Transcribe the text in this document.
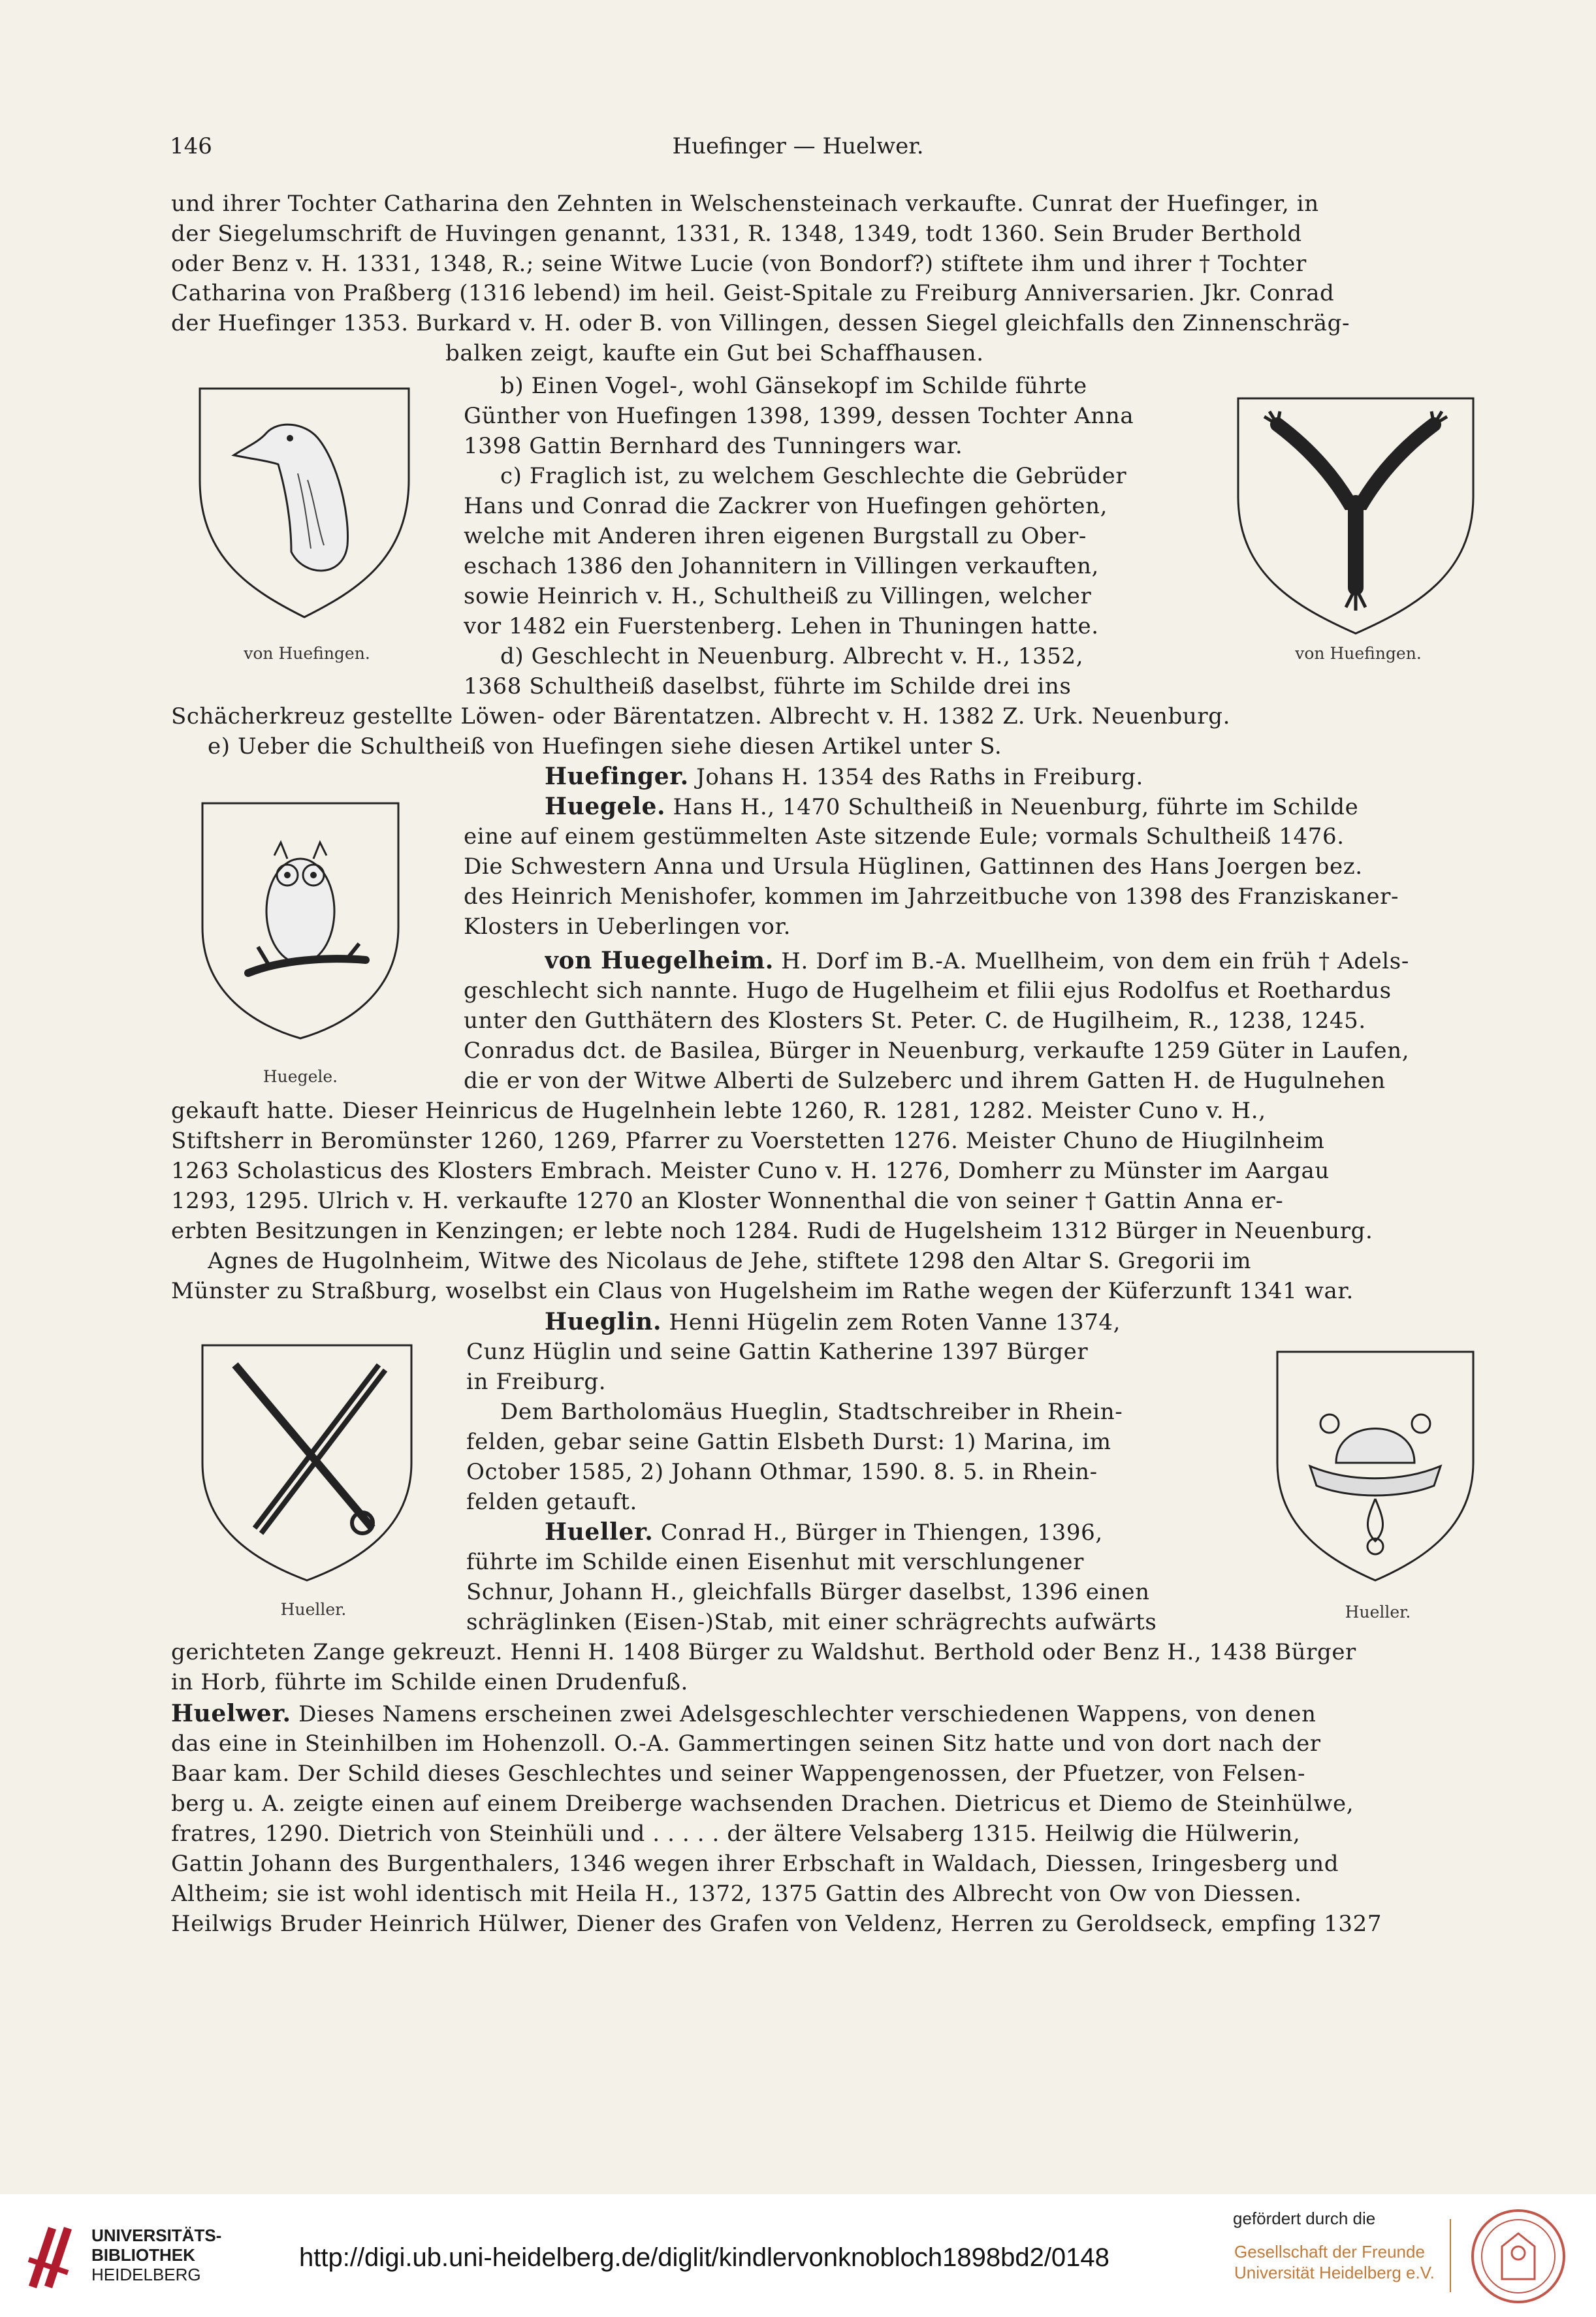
146	Huefinger — Huelwer.
und ihrer Tochter Catharina den Zehnten in Welschensteinach verkaufte. Cunrat der Huefinger, in
der Siegelumschrift de Huvingen genannt, 1331, R. 1348, 1349, todt 1360. Sein Bruder Berthold
oder Benz v. H. 1331, 1348, R.; seine Witwe Lucie (von Bondorf?) stiftete ihm und ihrer † Tochter
Catharina von Praßberg (1316 lebend) im heil. Geist-Spitale zu Freiburg Anniversarien. Jkr. Conrad
der Huefinger 1353. Burkard v. H. oder B. von Villingen, dessen Siegel gleichfalls den Zinnenschräg-
balken zeigt, kaufte ein Gut bei Schaffhausen.
b) Einen Vogel-, wohl Gänsekopf im Schilde führte
Günther von Huefingen 1398, 1399, dessen Tochter Anna
1398 Gattin Bernhard des Tunningers war.
c) Fraglich ist, zu welchem Geschlechte die Gebrüder
Hans und Conrad die Zackrer von Huefingen gehörten,
welche mit Anderen ihren eigenen Burgstall zu Ober-
eschach 1386 den Johannitern in Villingen verkauften,
sowie Heinrich v. H., Schultheiß zu Villingen, welcher
vor 1482 ein Fuerstenberg. Lehen in Thuningen hatte.
d) Geschlecht in Neuenburg. Albrecht v. H., 1352,
1368 Schultheiß daselbst, führte im Schilde drei ins
Schächerkreuz gestellte Löwen- oder Bärentatzen. Albrecht v. H. 1382 Z. Urk. Neuenburg.
e) Ueber die Schultheiß von Huefingen siehe diesen Artikel unter S.
Huefinger. Johans H. 1354 des Raths in Freiburg.
Huegele. Hans H., 1470 Schultheiß in Neuenburg, führte im Schilde
eine auf einem gestümmelten Aste sitzende Eule; vormals Schultheiß 1476.
Die Schwestern Anna und Ursula Hüglinen, Gattinnen des Hans Joergen bez.
des Heinrich Menishofer, kommen im Jahrzeitbuche von 1398 des Franziskaner-
Klosters in Ueberlingen vor.
von Huegelheim. H. Dorf im B.-A. Muellheim, von dem ein früh † Adels-
geschlecht sich nannte. Hugo de Hugelheim et filii ejus Rodolfus et Roethardus
unter den Gutthätern des Klosters St. Peter. C. de Hugilheim, R., 1238, 1245.
Conradus dct. de Basilea, Bürger in Neuenburg, verkaufte 1259 Güter in Laufen,
die er von der Witwe Alberti de Sulzeberc und ihrem Gatten H. de Hugulnehen
gekauft hatte. Dieser Heinricus de Hugelnhein lebte 1260, R. 1281, 1282. Meister Cuno v. H.,
Stiftsherr in Beromünster 1260, 1269, Pfarrer zu Voerstetten 1276. Meister Chuno de Hiugilnheim
1263 Scholasticus des Klosters Embrach. Meister Cuno v. H. 1276, Domherr zu Münster im Aargau
1293, 1295. Ulrich v. H. verkaufte 1270 an Kloster Wonnenthal die von seiner † Gattin Anna er-
erbten Besitzungen in Kenzingen; er lebte noch 1284. Rudi de Hugelsheim 1312 Bürger in Neuenburg.
Agnes de Hugolnheim, Witwe des Nicolaus de Jehe, stiftete 1298 den Altar S. Gregorii im
Münster zu Straßburg, woselbst ein Claus von Hugelsheim im Rathe wegen der Küferzunft 1341 war.
Hueglin. Henni Hügelin zem Roten Vanne 1374,
Cunz Hüglin und seine Gattin Katherine 1397 Bürger
in Freiburg.
Dem Bartholomäus Hueglin, Stadtschreiber in Rhein-
felden, gebar seine Gattin Elsbeth Durst: 1) Marina, im
October 1585, 2) Johann Othmar, 1590. 8. 5. in Rhein-
felden getauft.
Hueller. Conrad H., Bürger in Thiengen, 1396,
führte im Schilde einen Eisenhut mit verschlungener
Schnur, Johann H., gleichfalls Bürger daselbst, 1396 einen
schräglinken (Eisen-)Stab, mit einer schrägrechts aufwärts
gerichteten Zange gekreuzt. Henni H. 1408 Bürger zu Waldshut. Berthold oder Benz H., 1438 Bürger
in Horb, führte im Schilde einen Drudenfuß.
Huelwer. Dieses Namens erscheinen zwei Adelsgeschlechter verschiedenen Wappens, von denen
das eine in Steinhilben im Hohenzoll. O.-A. Gammertingen seinen Sitz hatte und von dort nach der
Baar kam. Der Schild dieses Geschlechtes und seiner Wappengenossen, der Pfuetzer, von Felsen-
berg u. A. zeigte einen auf einem Dreiberge wachsenden Drachen. Dietricus et Diemo de Steinhülwe,
fratres, 1290. Dietrich von Steinhüli und . . . . . der ältere Velsaberg 1315. Heilwig die Hülwerin,
Gattin Johann des Burgenthalers, 1346 wegen ihrer Erbschaft in Waldach, Diessen, Iringesberg und
Altheim; sie ist wohl identisch mit Heila H., 1372, 1375 Gattin des Albrecht von Ow von Diessen.
Heilwigs Bruder Heinrich Hülwer, Diener des Grafen von Veldenz, Herren zu Geroldseck, empfing 1327
von Huefingen.	von Huefingen.
Huegele.
Hueller.	Hueller.
UNIVERSITÄTS-
BIBLIOTHEK
HEIDELBERG
http://digi.ub.uni-heidelberg.de/diglit/kindlervonknobloch1898bd2/0148
gefördert durch die
Gesellschaft der Freunde
Universität Heidelberg e.V.
